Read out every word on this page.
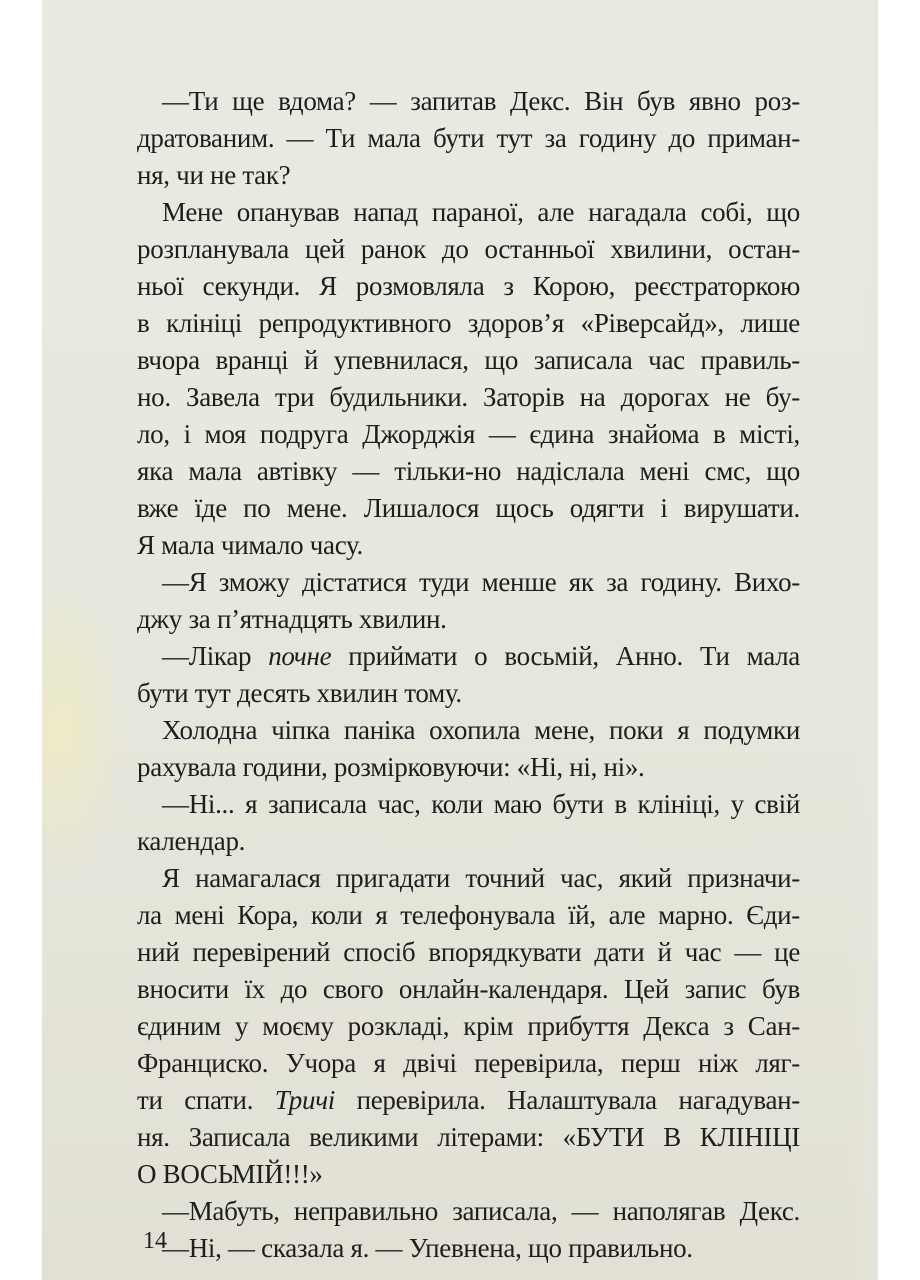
—Ти ще вдома? — запитав Декс. Він був явно роз-
дратованим. — Ти мала бути тут за годину до приман-
ня, чи не так?
Мене опанував напад параної, але нагадала собі, що
розпланувала цей ранок до останньої хвилини, остан-
ньої секунди. Я розмовляла з Корою, реєстраторкою
в клініці репродуктивного здоров’я «Ріверсайд», лише
вчора вранці й упевнилася, що записала час правиль-
но. Завела три будильники. Заторів на дорогах не бу-
ло, і моя подруга Джорджія — єдина знайома в місті,
яка мала автівку — тільки-но надіслала мені смс, що
вже їде по мене. Лишалося щось одягти і вирушати.
Я мала чимало часу.
—Я зможу дістатися туди менше як за годину. Вихо-
джу за п’ятнадцять хвилин.
—Лікар почне приймати о восьмій, Анно. Ти мала
бути тут десять хвилин тому.
Холодна чіпка паніка охопила мене, поки я подумки
рахувала години, розмірковуючи: «Ні, ні, ні».
—Ні... я записала час, коли маю бути в клініці, у свій
календар.
Я намагалася пригадати точний час, який призначи-
ла мені Кора, коли я телефонувала їй, але марно. Єди-
ний перевірений спосіб впорядкувати дати й час — це
вносити їх до свого онлайн-календаря. Цей запис був
єдиним у моєму розкладі, крім прибуття Декса з Сан-
Франциско. Учора я двічі перевірила, перш ніж ляг-
ти спати. Тричі перевірила. Налаштувала нагадуван-
ня. Записала великими літерами: «БУТИ В КЛІНІЦІ
О ВОСЬМІЙ!!!»
—Мабуть, неправильно записала, — наполягав Декс.
—Ні, — сказала я. — Упевнена, що правильно.
14
